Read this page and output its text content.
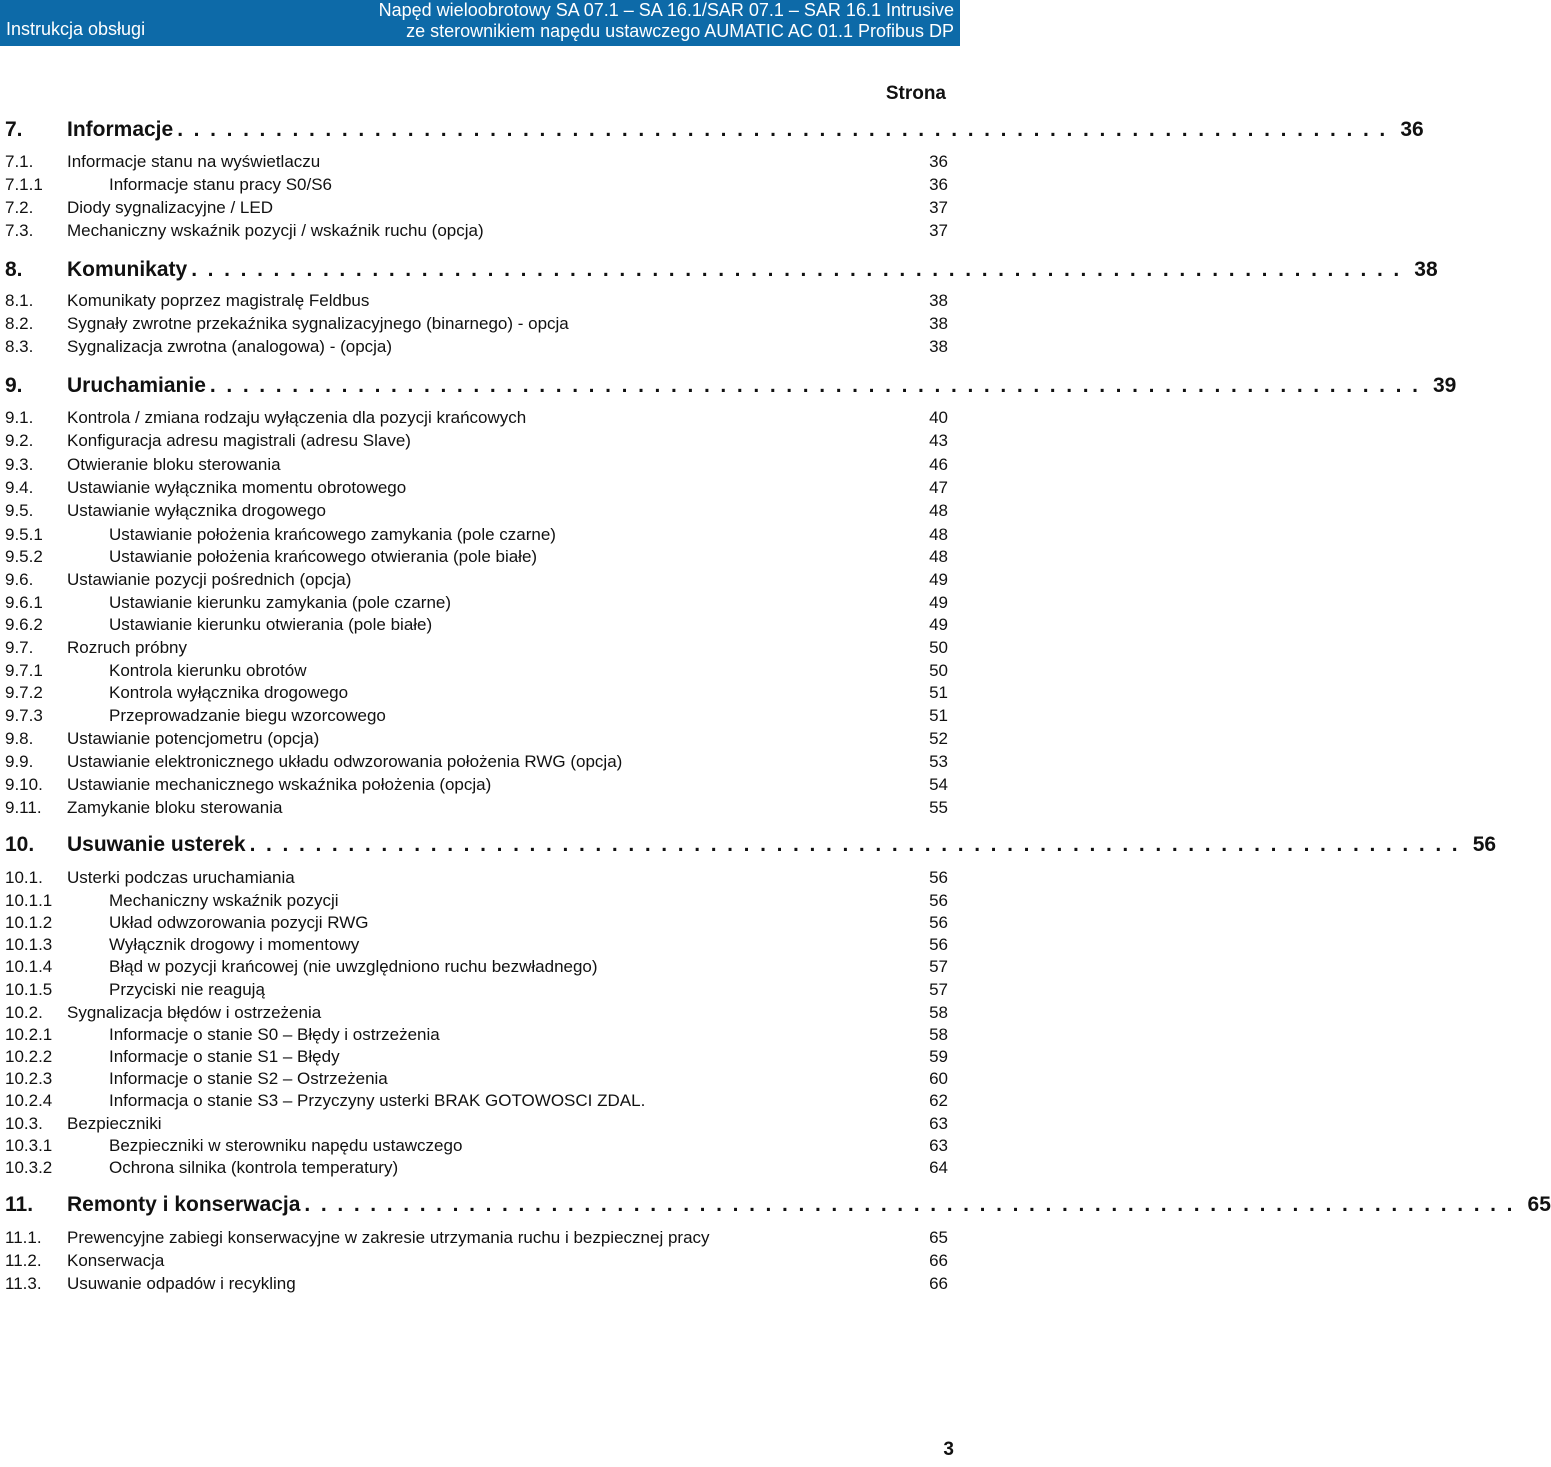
Instrukcja obsługi
Napęd wieloobrotowy SA 07.1 – SA 16.1/SAR 07.1 – SAR 16.1 Intrusive
ze sterownikiem napędu ustawczego AUMATIC AC 01.1 Profibus DP
Strona
7.	Informacje . . . . . . . . . . . . . . . . . . . . . . . . . . . . . . . . . . . . . . . . . . . . . . . . . . . . . . . . . . . . . . . . . . . . . . . . . . 36
7.1.	Informacje stanu na wyświetlaczu	36
7.1.1	Informacje stanu pracy S0/S6	36
7.2.	Diody sygnalizacyjne / LED	37
7.3.	Mechaniczny wskaźnik pozycji / wskaźnik ruchu (opcja)	37
8.	Komunikaty . . . . . . . . . . . . . . . . . . . . . . . . . . . . . . . . . . . . . . . . . . . . . . . . . . . . . . . . . . . . . . . . . . . . . . . . . . 38
8.1.	Komunikaty poprzez magistralę Feldbus	38
8.2.	Sygnały zwrotne przekaźnika sygnalizacyjnego (binarnego) - opcja	38
8.3.	Sygnalizacja zwrotna (analogowa) - (opcja)	38
9.	Uruchamianie . . . . . . . . . . . . . . . . . . . . . . . . . . . . . . . . . . . . . . . . . . . . . . . . . . . . . . . . . . . . . . . . . . . . . . . . . . 39
9.1.	Kontrola / zmiana rodzaju wyłączenia dla pozycji krańcowych	40
9.2.	Konfiguracja adresu magistrali (adresu Slave)	43
9.3.	Otwieranie bloku sterowania	46
9.4.	Ustawianie wyłącznika momentu obrotowego	47
9.5.	Ustawianie wyłącznika drogowego	48
9.5.1	Ustawianie położenia krańcowego zamykania (pole czarne)	48
9.5.2	Ustawianie położenia krańcowego otwierania (pole białe)	48
9.6.	Ustawianie pozycji pośrednich (opcja)	49
9.6.1	Ustawianie kierunku zamykania (pole czarne)	49
9.6.2	Ustawianie kierunku otwierania (pole białe)	49
9.7.	Rozruch próbny	50
9.7.1	Kontrola kierunku obrotów	50
9.7.2	Kontrola wyłącznika drogowego	51
9.7.3	Przeprowadzanie biegu wzorcowego	51
9.8.	Ustawianie potencjometru (opcja)	52
9.9.	Ustawianie elektronicznego układu odwzorowania położenia RWG (opcja)	53
9.10.	Ustawianie mechanicznego wskaźnika położenia (opcja)	54
9.11.	Zamykanie bloku sterowania	55
10.	Usuwanie usterek . . . . . . . . . . . . . . . . . . . . . . . . . . . . . . . . . . . . . . . . . . . . . . . . . . . . . . . . . . . . . . . . . . . . . . . . . . 56
10.1.	Usterki podczas uruchamiania	56
10.1.1	Mechaniczny wskaźnik pozycji	56
10.1.2	Układ odwzorowania pozycji RWG	56
10.1.3	Wyłącznik drogowy i momentowy	56
10.1.4	Błąd w pozycji krańcowej (nie uwzględniono ruchu bezwładnego)	57
10.1.5	Przyciski nie reagują	57
10.2.	Sygnalizacja błędów i ostrzeżenia	58
10.2.1	Informacje o stanie S0 – Błędy i ostrzeżenia	58
10.2.2	Informacje o stanie S1 – Błędy	59
10.2.3	Informacje o stanie S2 – Ostrzeżenia	60
10.2.4	Informacja o stanie S3 – Przyczyny usterki BRAK GOTOWOSCI ZDAL.	62
10.3.	Bezpieczniki	63
10.3.1	Bezpieczniki w sterowniku napędu ustawczego	63
10.3.2	Ochrona silnika (kontrola temperatury)	64
11.	Remonty i konserwacja . . . . . . . . . . . . . . . . . . . . . . . . . . . . . . . . . . . . . . . . . . . . . . . . . . . . . . . . . . . . . . . . . . . . . . . . . . 65
11.1.	Prewencyjne zabiegi konserwacyjne w zakresie utrzymania ruchu i bezpiecznej pracy	65
11.2.	Konserwacja	66
11.3.	Usuwanie odpadów i recykling	66
3
